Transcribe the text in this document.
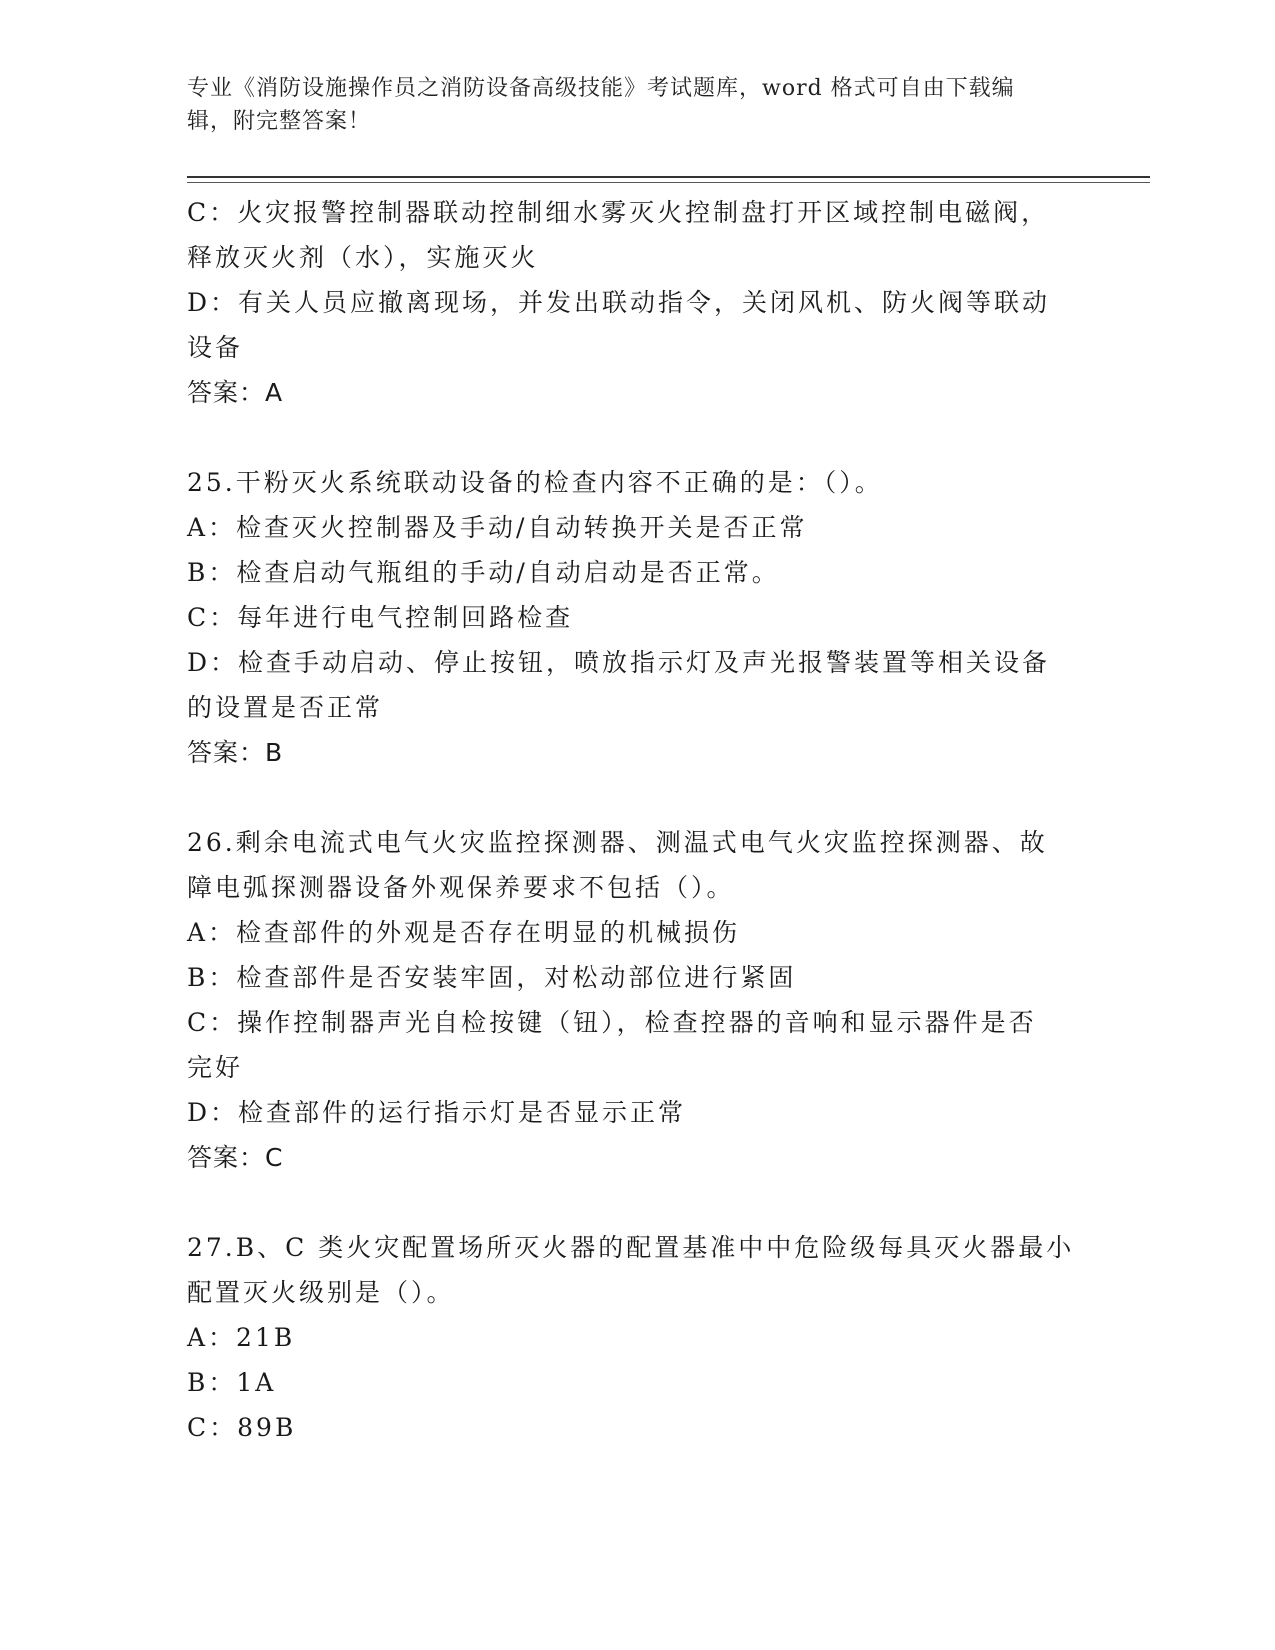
专业《消防设施操作员之消防设备高级技能》考试题库，word 格式可自由下载编
辑，附完整答案！
C：火灾报警控制器联动控制细水雾灭火控制盘打开区域控制电磁阀，
释放灭火剂（水），实施灭火
D：有关人员应撤离现场，并发出联动指令，关闭风机、防火阀等联动
设备
答案：A
25.干粉灭火系统联动设备的检查内容不正确的是：（）。
A：检查灭火控制器及手动/自动转换开关是否正常
B：检查启动气瓶组的手动/自动启动是否正常。
C：每年进行电气控制回路检查
D：检查手动启动、停止按钮，喷放指示灯及声光报警装置等相关设备
的设置是否正常
答案：B
26.剩余电流式电气火灾监控探测器、测温式电气火灾监控探测器、故
障电弧探测器设备外观保养要求不包括（）。
A：检查部件的外观是否存在明显的机械损伤
B：检查部件是否安装牢固，对松动部位进行紧固
C：操作控制器声光自检按键（钮），检查控器的音响和显示器件是否
完好
D：检查部件的运行指示灯是否显示正常
答案：C
27.B、C 类火灾配置场所灭火器的配置基准中中危险级每具灭火器最小
配置灭火级别是（）。
A：21B
B：1A
C：89B
